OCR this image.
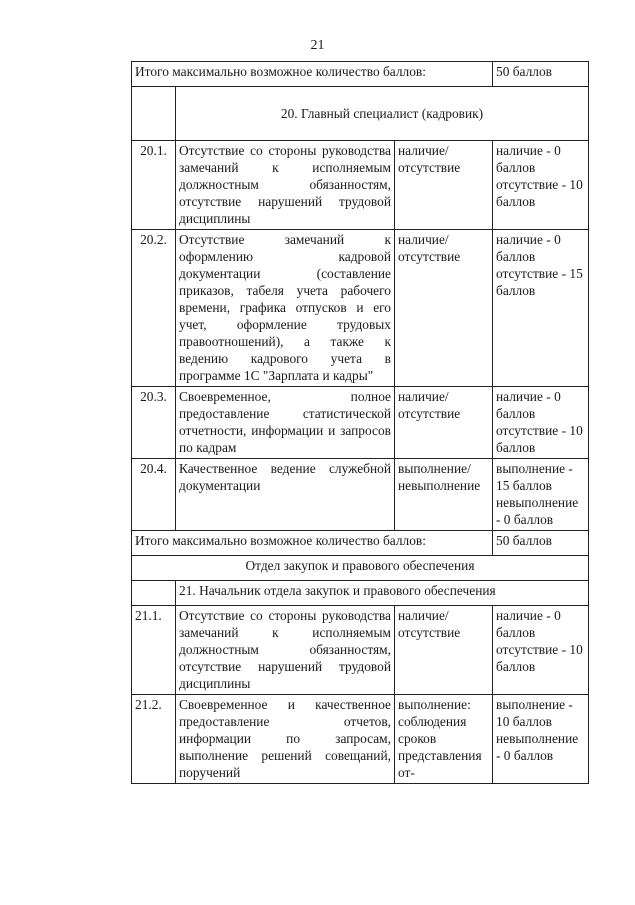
21
Итого максимально возможное количество баллов:			50 баллов
	20. Главный специалист (кадровик)		
20.1.	Отсутствие со стороны руководства замечаний к исполняемым должностным обязанностям, отсутствие нарушений трудовой дисциплины	наличие/отсутствие	наличие - 0 баллов отсутствие - 10 баллов
20.2.	Отсутствие замечаний к оформлению кадровой документации (составление приказов, табеля учета рабочего времени, графика отпусков и его учет, оформление трудовых правоотношений), а также к ведению кадрового учета в программе 1С "Зарплата и кадры"	наличие/отсутствие	наличие - 0 баллов отсутствие - 15 баллов
20.3.	Своевременное, полное предоставление статистической отчетности, информации и запросов по кадрам	наличие/отсутствие	наличие - 0 баллов отсутствие - 10 баллов
20.4.	Качественное ведение служебной документации	выполнение/невыполнение	выполнение - 15 баллов невыполнение - 0 баллов
Итого максимально возможное количество баллов:			50 баллов
Отдел закупок и правового обеспечения			
	21. Начальник отдела закупок и правового обеспечения		
21.1.	Отсутствие со стороны руководства замечаний к исполняемым должностным обязанностям, отсутствие нарушений трудовой дисциплины	наличие/отсутствие	наличие - 0 баллов отсутствие - 10 баллов
21.2.	Своевременное и качественное предоставление отчетов, информации по запросам, выполнение решений совещаний, поручений	выполнение: соблюдения сроков представления от-	выполнение - 10 баллов невыполнение - 0 баллов
